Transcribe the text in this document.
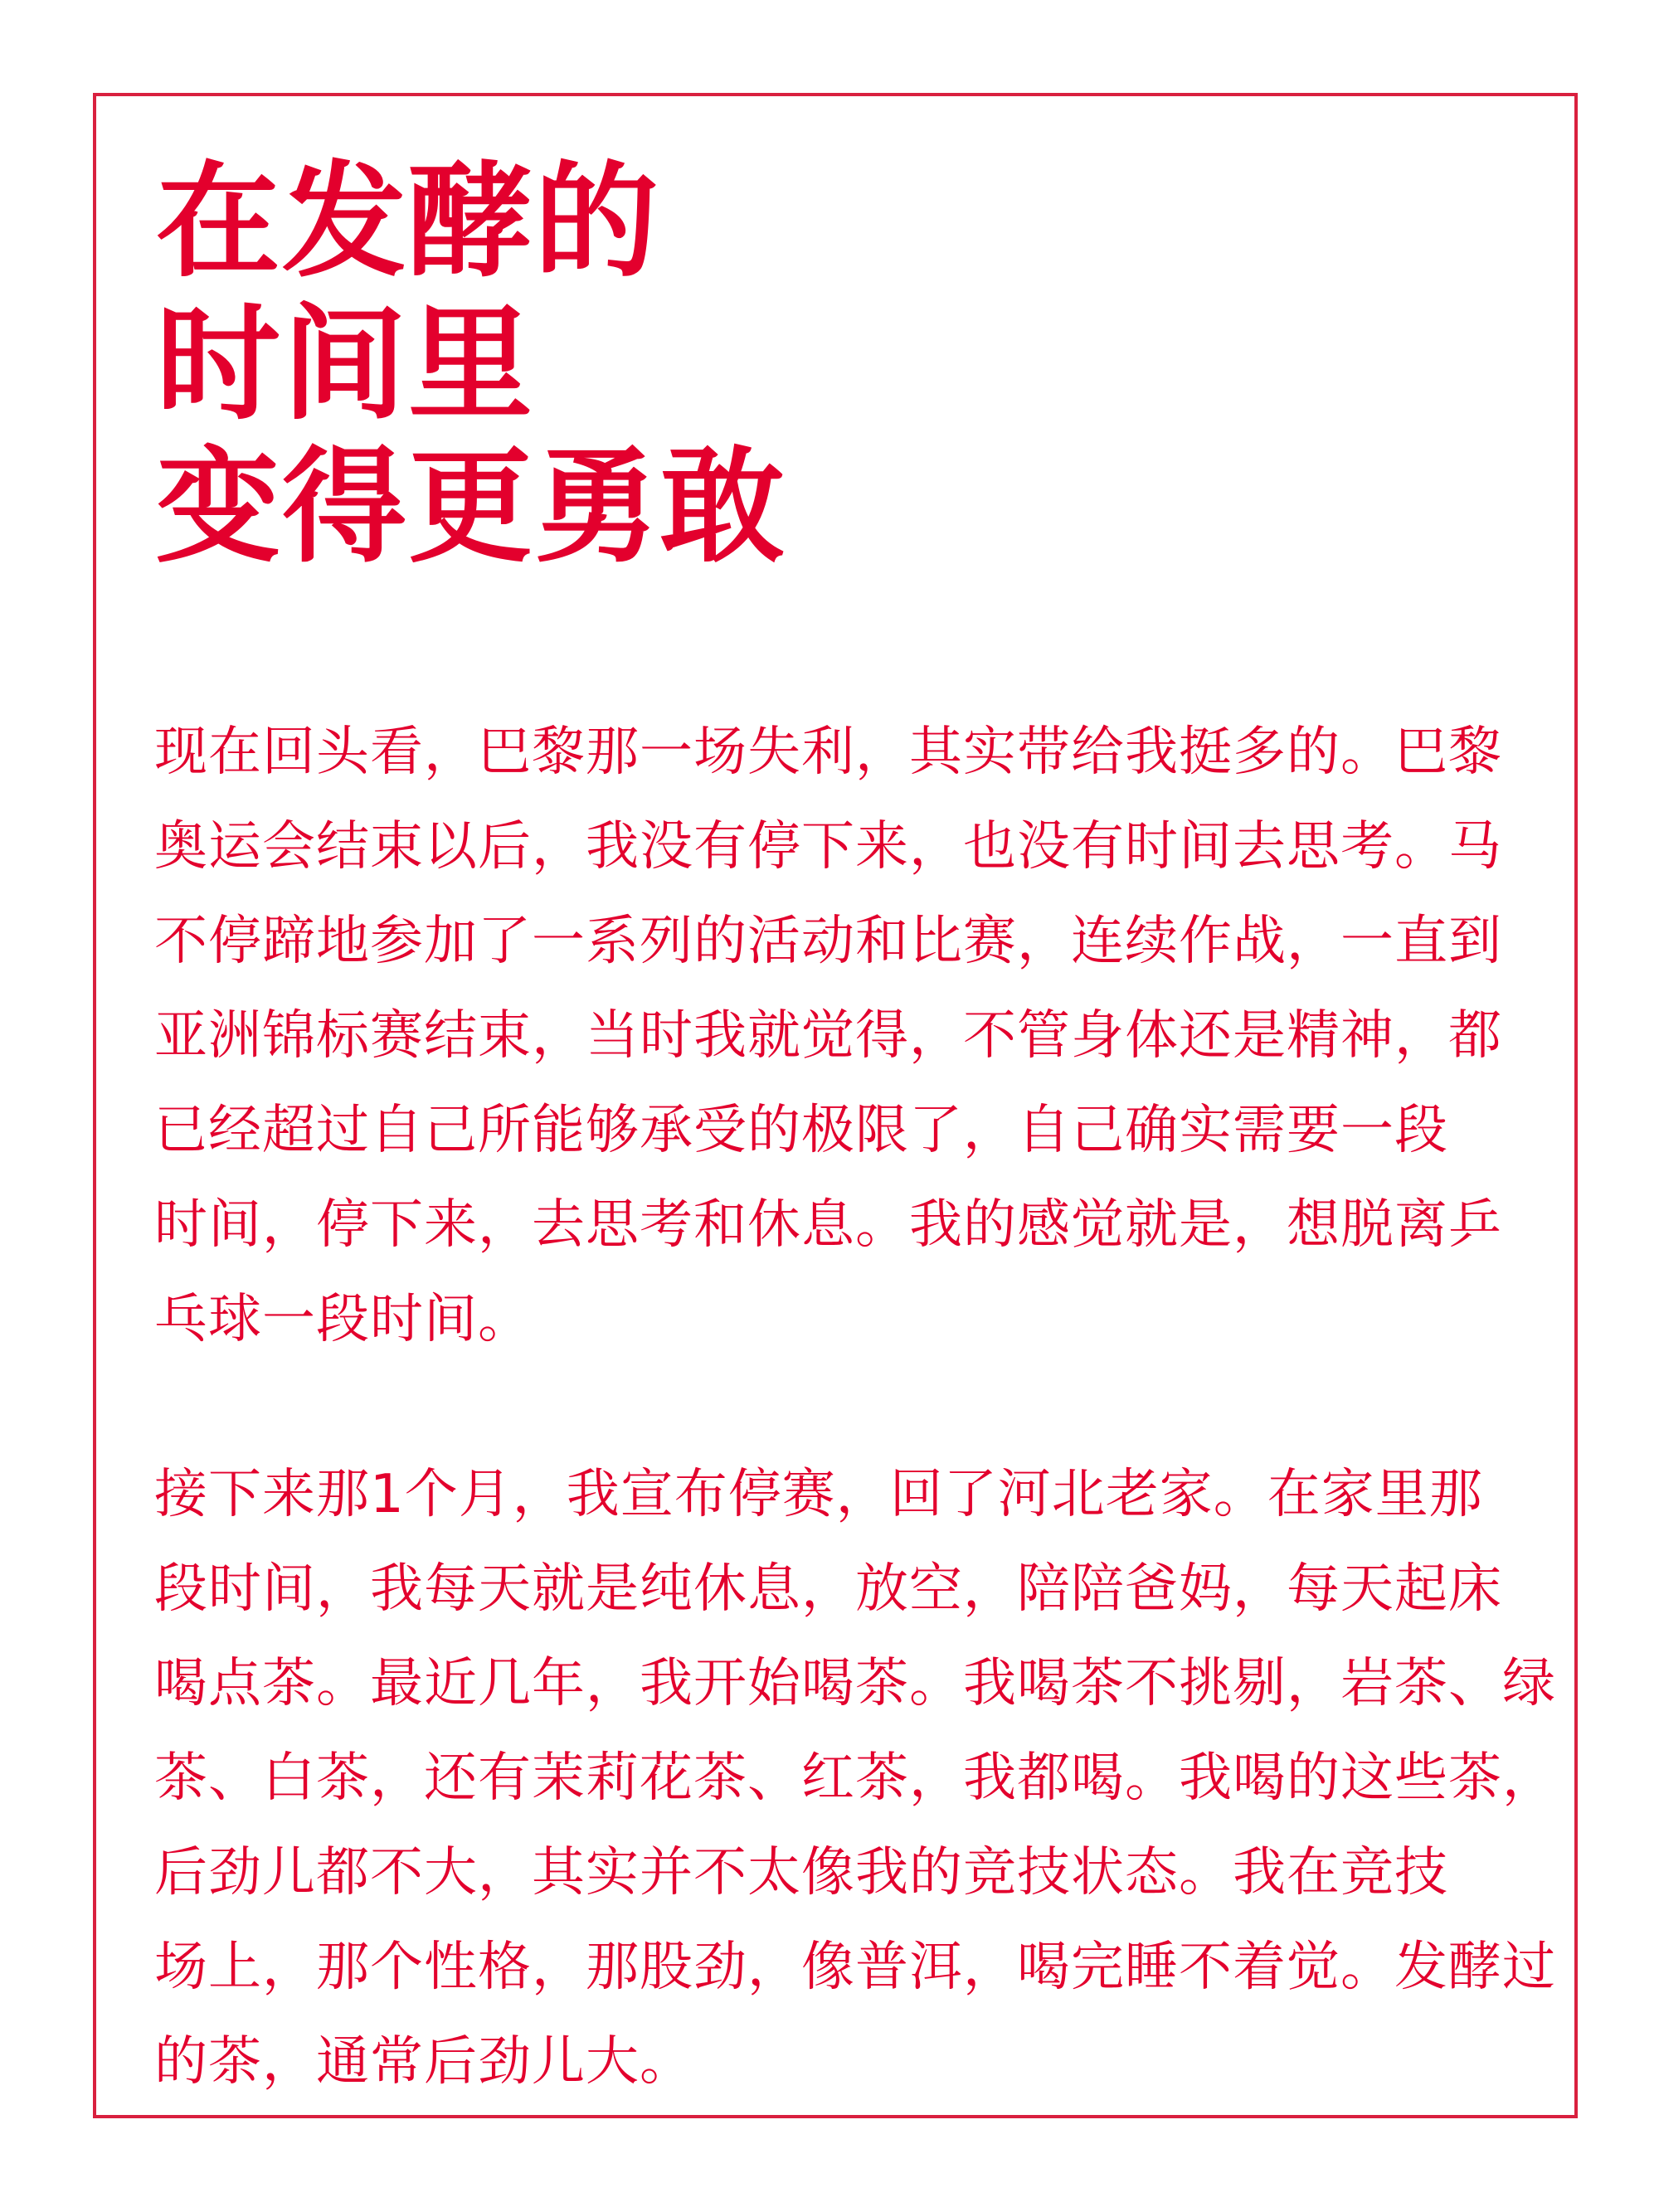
在发酵的
时间里
变得更勇敢

现在回头看，巴黎那一场失利，其实带给我挺多的。巴黎
奥运会结束以后，我没有停下来，也没有时间去思考。马
不停蹄地参加了一系列的活动和比赛，连续作战，一直到
亚洲锦标赛结束，当时我就觉得，不管身体还是精神，都
已经超过自己所能够承受的极限了，自己确实需要一段
时间，停下来，去思考和休息。我的感觉就是，想脱离乒
乓球一段时间。

接下来那1个月，我宣布停赛，回了河北老家。在家里那
段时间，我每天就是纯休息，放空，陪陪爸妈，每天起床
喝点茶。最近几年，我开始喝茶。我喝茶不挑剔，岩茶、绿
茶、白茶，还有茉莉花茶、红茶，我都喝。我喝的这些茶，
后劲儿都不大，其实并不太像我的竞技状态。我在竞技
场上，那个性格，那股劲，像普洱，喝完睡不着觉。发酵过
的茶，通常后劲儿大。
